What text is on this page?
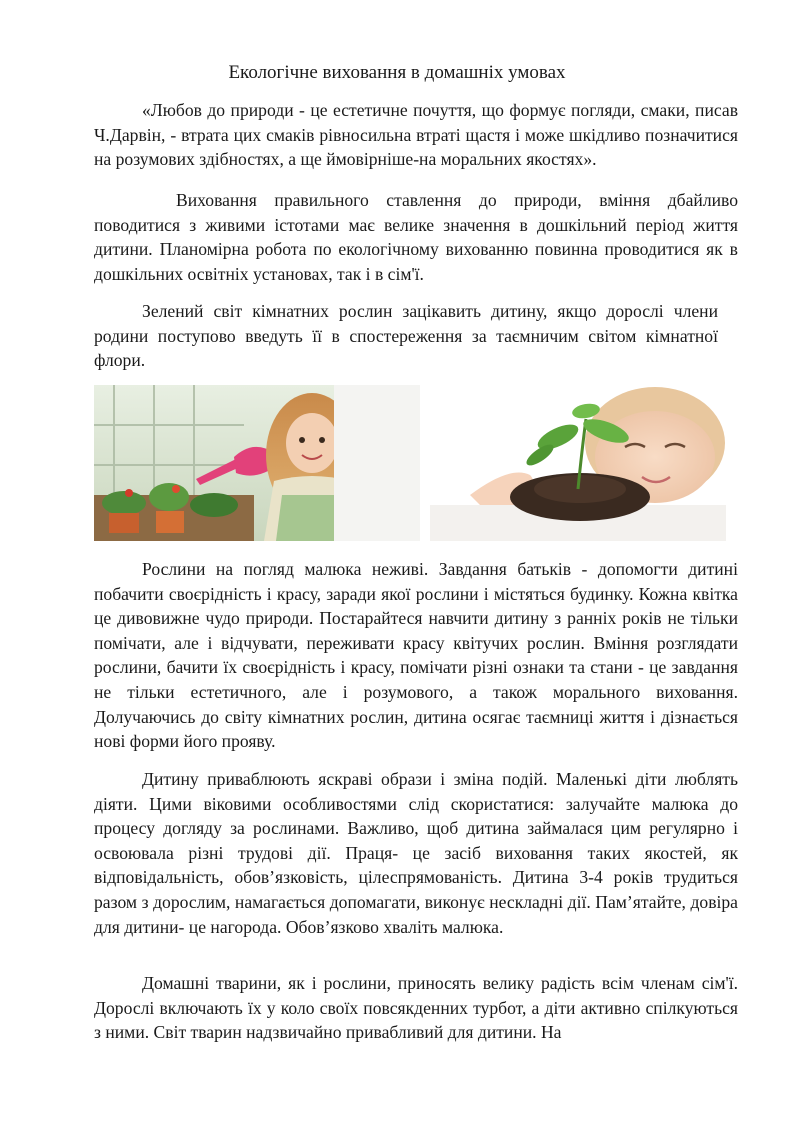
Екологічне виховання в домашніх умовах

«Любов до природи - це естетичне почуття, що формує погляди, смаки, писав Ч.Дарвін, - втрата цих смаків рівносильна втраті щастя і може шкідливо позначитися на розумових здібностях, а ще ймовірніше-на моральних якостях».

Виховання правильного ставлення до природи, вміння дбайливо поводитися з живими істотами має велике значення в дошкільний період життя дитини. Планомірна робота по екологічному вихованню повинна проводитися як в дошкільних освітніх установах, так і в сім'ї.

Зелений світ кімнатних рослин зацікавить дитину, якщо дорослі члени родини поступово введуть її в спостереження за таємничим світом кімнатної флори.

Рослини на погляд малюка неживі. Завдання батьків - допомогти дитині побачити своєрідність і красу, заради якої рослини і містяться будинку. Кожна квітка це дивовижне чудо природи. Постарайтеся навчити дитину з ранніх років не тільки помічати, але і відчувати, переживати красу квітучих рослин. Вміння розглядати рослини, бачити їх своєрідність і красу, помічати різні ознаки та стани - це завдання не тільки естетичного, але і розумового, а також морального виховання. Долучаючись до світу кімнатних рослин, дитина осягає таємниці життя і дізнається нові форми його прояву.

Дитину приваблюють яскраві образи і зміна подій. Маленькі діти люблять діяти. Цими віковими особливостями слід скористатися: залучайте малюка до процесу догляду за рослинами. Важливо, щоб дитина займалася цим регулярно і освоювала різні трудові дії. Праця- це засіб виховання таких якостей, як відповідальність, обов’язковість, цілеспрямованість. Дитина 3-4 років трудиться разом з дорослим, намагається допомагати, виконує нескладні дії. Пам’ятайте, довіра для дитини- це нагорода. Обов’язково хваліть малюка.

Домашні тварини, як і рослини, приносять велику радість всім членам сім'ї. Дорослі включають їх у коло своїх повсякденних турбот, а діти активно спілкуються з ними. Світ тварин надзвичайно привабливий для дитини. На
